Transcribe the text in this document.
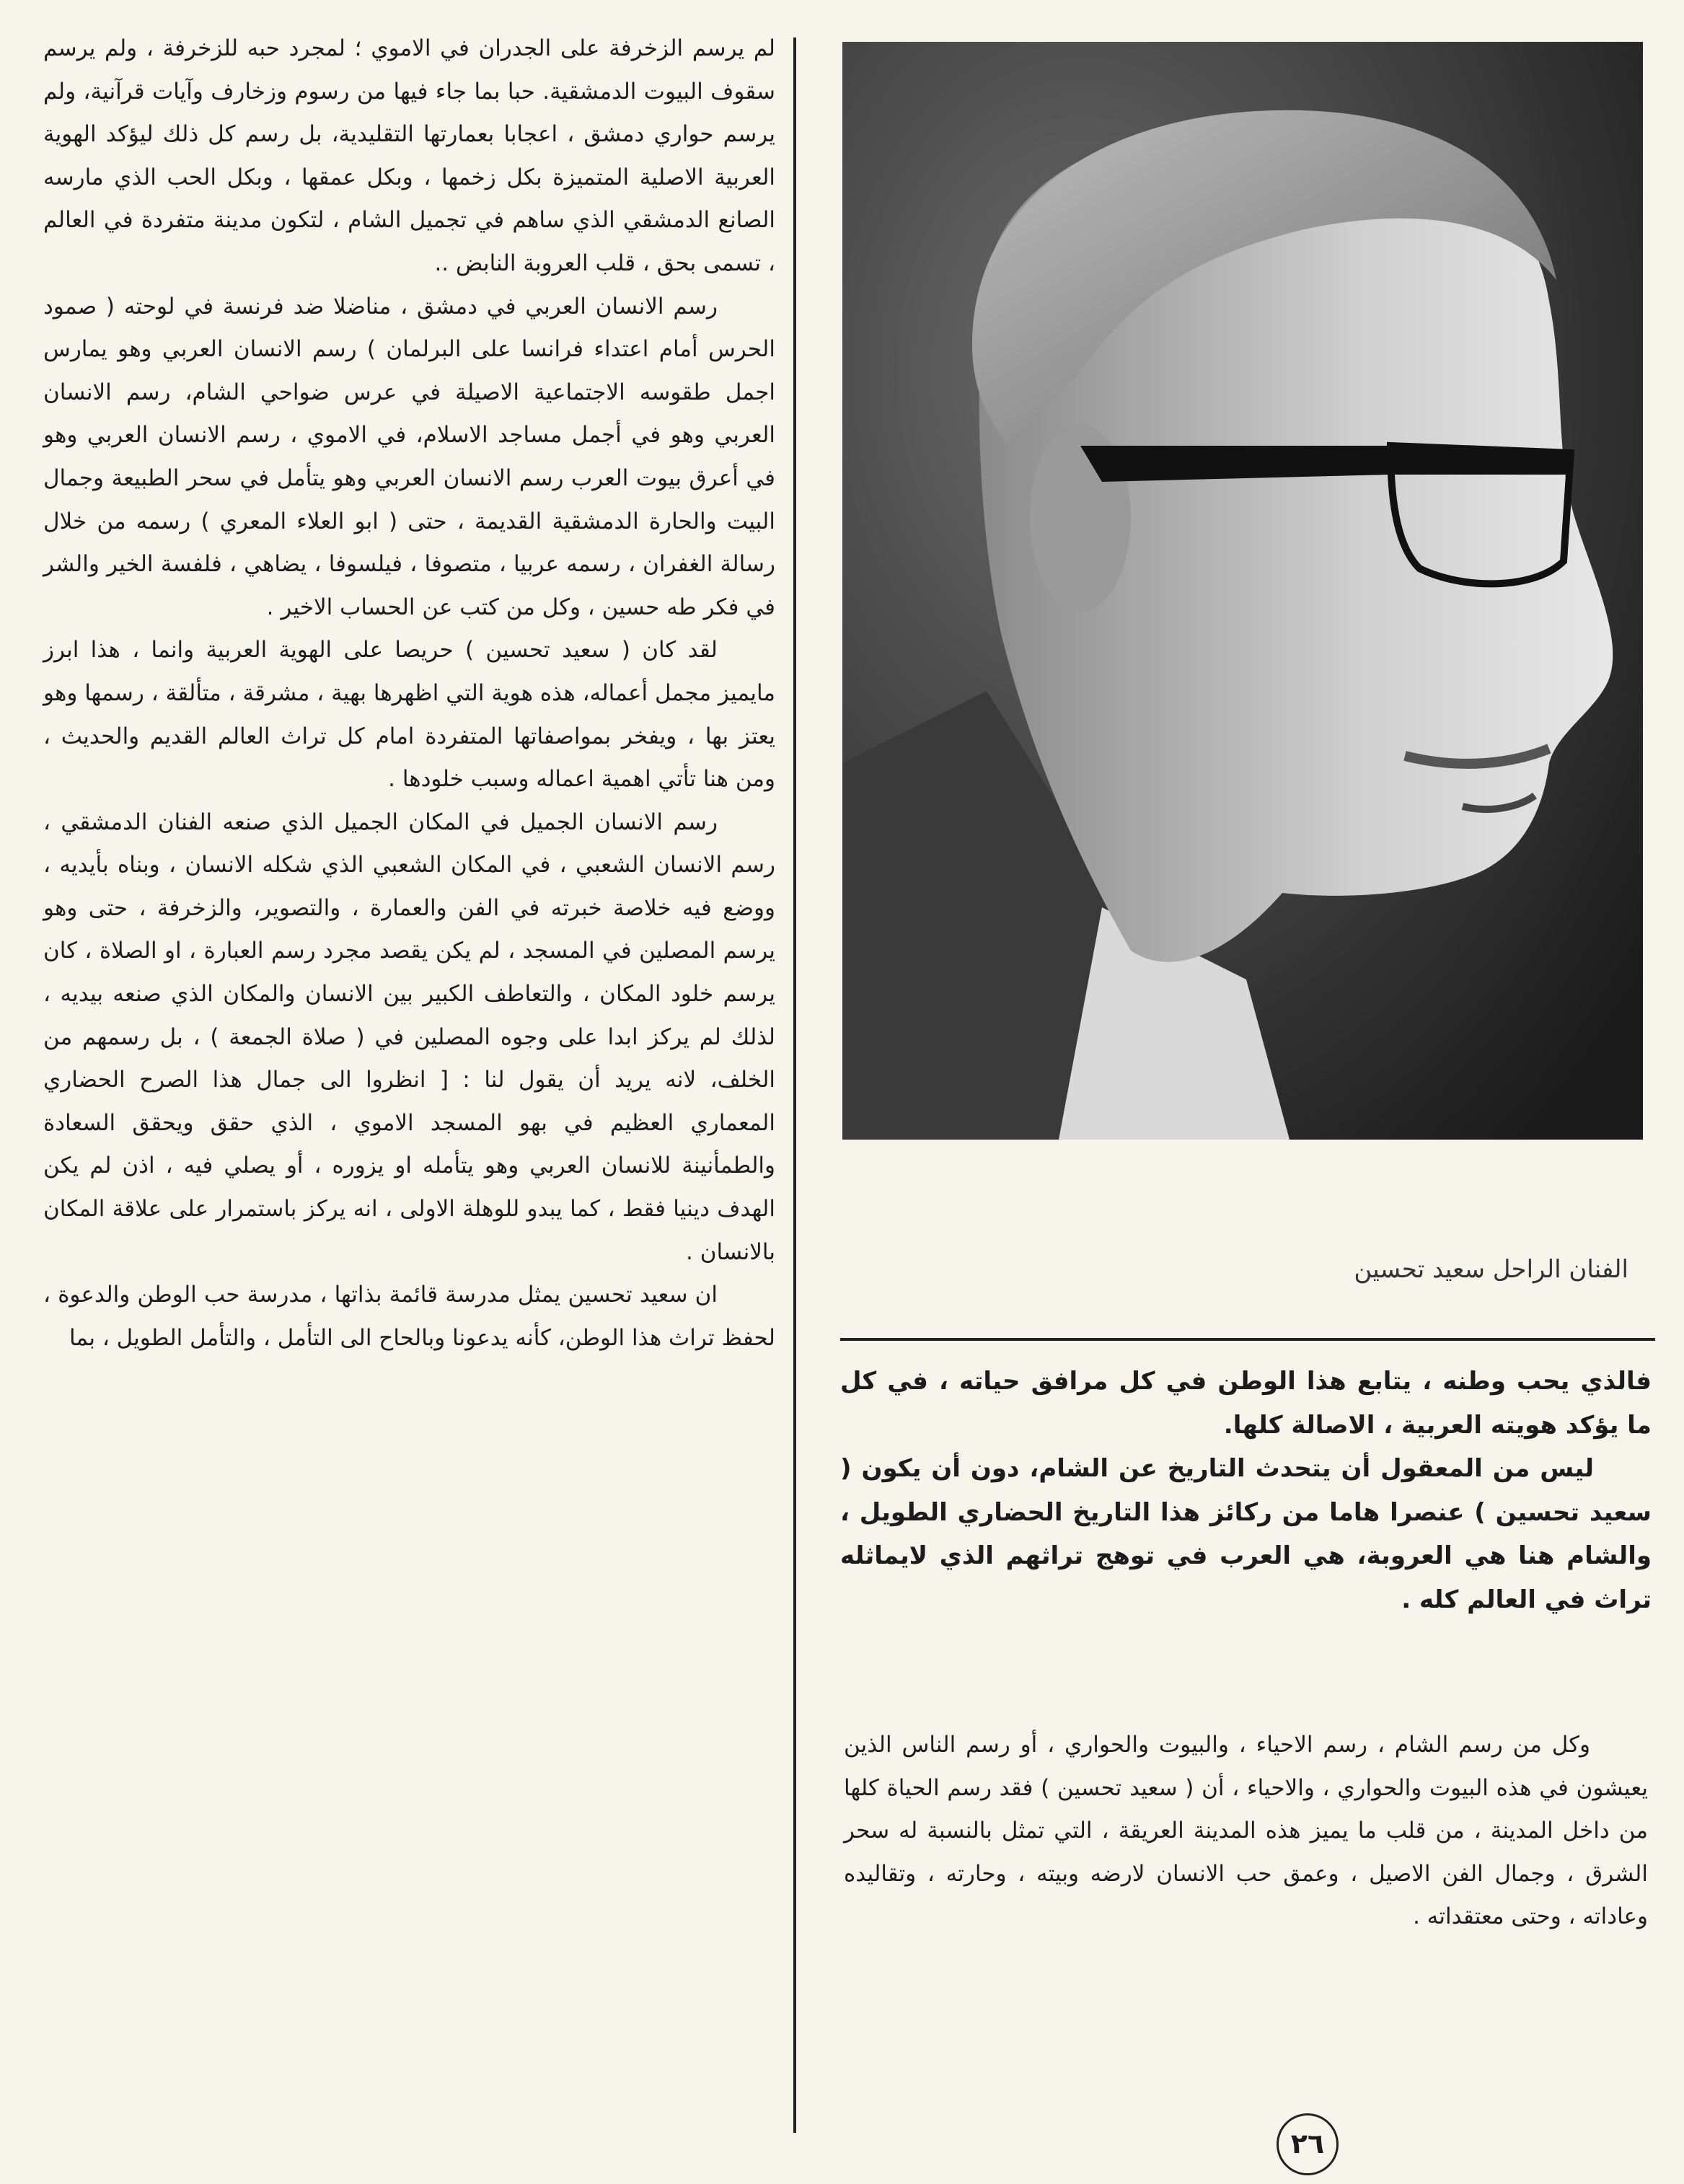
لم يرسم الزخرفة على الجدران في الاموي ؛ لمجرد حبه للزخرفة ، ولم يرسم سقوف البيوت الدمشقية. حبا بما جاء فيها من رسوم وزخارف وآيات قرآنية، ولم يرسم حواري دمشق ، اعجابا بعمارتها التقليدية، بل رسم كل ذلك ليؤكد الهوية العربية الاصلية المتميزة بكل زخمها ، وبكل عمقها ، وبكل الحب الذي مارسه الصانع الدمشقي الذي ساهم في تجميل الشام ، لتكون مدينة متفردة في العالم ، تسمى بحق ، قلب العروبة النابض ..

رسم الانسان العربي في دمشق ، مناضلا ضد فرنسة في لوحته ( صمود الحرس أمام اعتداء فرانسا على البرلمان ) رسم الانسان العربي وهو يمارس اجمل طقوسه الاجتماعية الاصيلة في عرس ضواحي الشام، رسم الانسان العربي وهو في أجمل مساجد الاسلام، في الاموي ، رسم الانسان العربي وهو في أعرق بيوت العرب رسم الانسان العربي وهو يتأمل في سحر الطبيعة وجمال البيت والحارة الدمشقية القديمة ، حتى ( ابو العلاء المعري ) رسمه من خلال رسالة الغفران ، رسمه عربيا ، متصوفا ، فيلسوفا ، يضاهي ، فلفسة الخير والشر في فكر طه حسين ، وكل من كتب عن الحساب الاخير .

لقد كان ( سعيد تحسين ) حريصا على الهوية العربية وانما ، هذا ابرز مايميز مجمل أعماله، هذه هوية التي اظهرها بهية ، مشرقة ، متألقة ، رسمها وهو يعتز بها ، ويفخر بمواصفاتها المتفردة امام كل تراث العالم القديم والحديث ، ومن هنا تأتي اهمية اعماله وسبب خلودها .

رسم الانسان الجميل في المكان الجميل الذي صنعه الفنان الدمشقي ، رسم الانسان الشعبي ، في المكان الشعبي الذي شكله الانسان ، وبناه بأيديه ، ووضع فيه خلاصة خبرته في الفن والعمارة ، والتصوير، والزخرفة ، حتى وهو يرسم المصلين في المسجد ، لم يكن يقصد مجرد رسم العبارة ، او الصلاة ، كان يرسم خلود المكان ، والتعاطف الكبير بين الانسان والمكان الذي صنعه بيديه ، لذلك لم يركز ابدا على وجوه المصلين في ( صلاة الجمعة ) ، بل رسمهم من الخلف، لانه يريد أن يقول لنا : [ انظروا الى جمال هذا الصرح الحضاري المعماري العظيم في بهو المسجد الاموي ، الذي حقق ويحقق السعادة والطمأنينة للانسان العربي وهو يتأمله او يزوره ، أو يصلي فيه ، اذن لم يكن الهدف دينيا فقط ، كما يبدو للوهلة الاولى ، انه يركز باستمرار على علاقة المكان بالانسان .

ان سعيد تحسين يمثل مدرسة قائمة بذاتها ، مدرسة حب الوطن والدعوة ، لحفظ تراث هذا الوطن، كأنه يدعونا وبالحاح الى التأمل ، والتأمل الطويل ، بما

الفنان الراحل سعيد تحسين

فالذي يحب وطنه ، يتابع هذا الوطن في كل مرافق حياته ، في كل ما يؤكد هويته العربية ، الاصالة كلها.

ليس من المعقول أن يتحدث التاريخ عن الشام، دون أن يكون ( سعيد تحسين ) عنصرا هاما من ركائز هذا التاريخ الحضاري الطويل ، والشام هنا هي العروبة، هي العرب في توهج تراثهم الذي لايماثله تراث في العالم كله .

وكل من رسم الشام ، رسم الاحياء ، والبيوت والحواري ، أو رسم الناس الذين يعيشون في هذه البيوت والحواري ، والاحياء ، أن ( سعيد تحسين ) فقد رسم الحياة كلها من داخل المدينة ، من قلب ما يميز هذه المدينة العريقة ، التي تمثل بالنسبة له سحر الشرق ، وجمال الفن الاصيل ، وعمق حب الانسان لارضه وبيته ، وحارته ، وتقاليده وعاداته ، وحتى معتقداته .

٢٦
